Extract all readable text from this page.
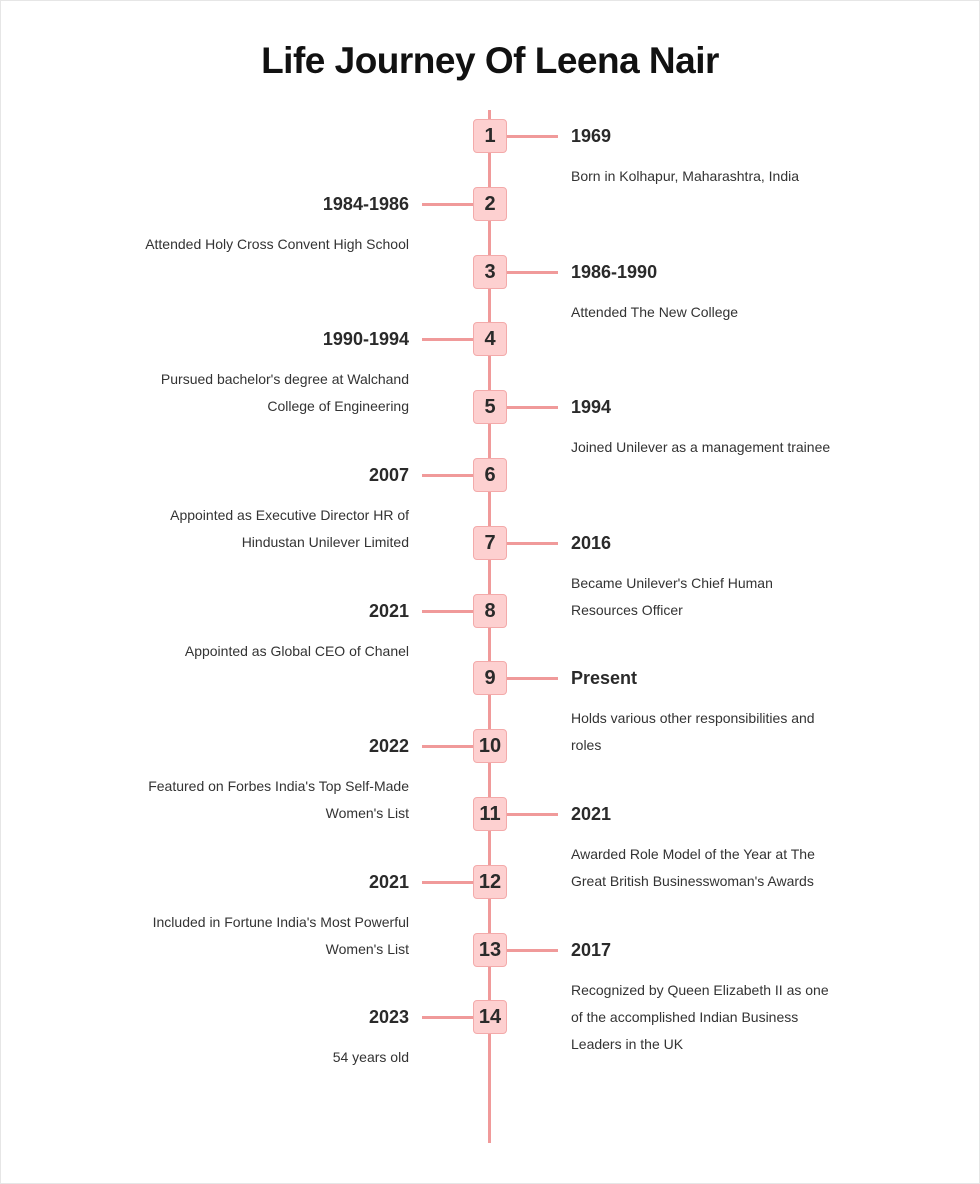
Life Journey Of Leena Nair
1	1969
Born in Kolhapur, Maharashtra, India
2
1984-1986
Attended Holy Cross Convent High School
3	1986-1990
Attended The New College
4
1990-1994
Pursued bachelor's degree at Walchand College of Engineering	5	1994
Joined Unilever as a management trainee
6
2007
Appointed as Executive Director HR of Hindustan Unilever Limited	7	2016
Became Unilever's Chief Human Resources Officer
8
2021
Appointed as Global CEO of Chanel
9	Present
Holds various other responsibilities and roles
10
2022
Featured on Forbes India's Top Self-Made Women's List	11	2021
Awarded Role Model of the Year at The Great British Businesswoman's Awards
12
2021
Included in Fortune India's Most Powerful Women's List	13	2017
Recognized by Queen Elizabeth II as one of the accomplished Indian Business Leaders in the UK
14
2023
54 years old
